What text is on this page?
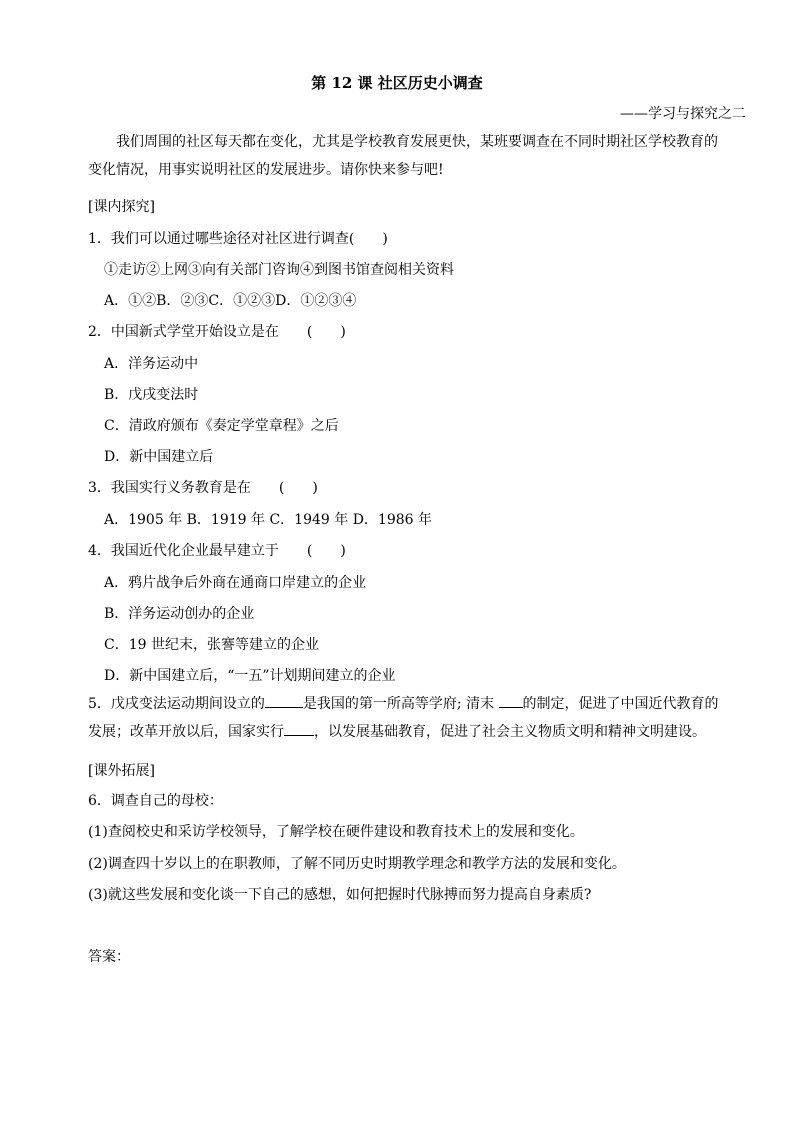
第 12 课 社区历史小调查
——学习与探究之二
我们周围的社区每天都在变化，尤其是学校教育发展更快，某班要调查在不同时期社区学校教育的变化情况，用事实说明社区的发展进步。请你快来参与吧!
[课内探究]
1．我们可以通过哪些途径对社区进行调查(　　)
①走访②上网③向有关部门咨询④到图书馆查阅相关资料
A．①②B．②③C．①②③D．①②③④
2．中国新式学堂开始设立是在　　(　　)
A．洋务运动中
B．戊戌变法时
C．清政府颁布《奏定学堂章程》之后
D．新中国建立后
3．我国实行义务教育是在　　(　　)
A．1905 年 B．1919 年 C．1949 年 D．1986 年
4．我国近代化企业最早建立于　　(　　)
A．鸦片战争后外商在通商口岸建立的企业
B．洋务运动创办的企业
C．19 世纪末，张謇等建立的企业
D．新中国建立后，“一五”计划期间建立的企业
5．戊戌变法运动期间设立的	是我国的第一所高等学府; 清末 的制定，促进了中国近代教育的发展；改革开放以后，国家实行 ，以发展基础教育，促进了社会主义物质文明和精神文明建设。
[课外拓展]
6．调查自己的母校：
(1)查阅校史和采访学校领导，了解学校在硬件建设和教育技术上的发展和变化。
(2)调查四十岁以上的在职教师，了解不同历史时期教学理念和教学方法的发展和变化。
(3)就这些发展和变化谈一下自己的感想，如何把握时代脉搏而努力提高自身素质?
答案：
